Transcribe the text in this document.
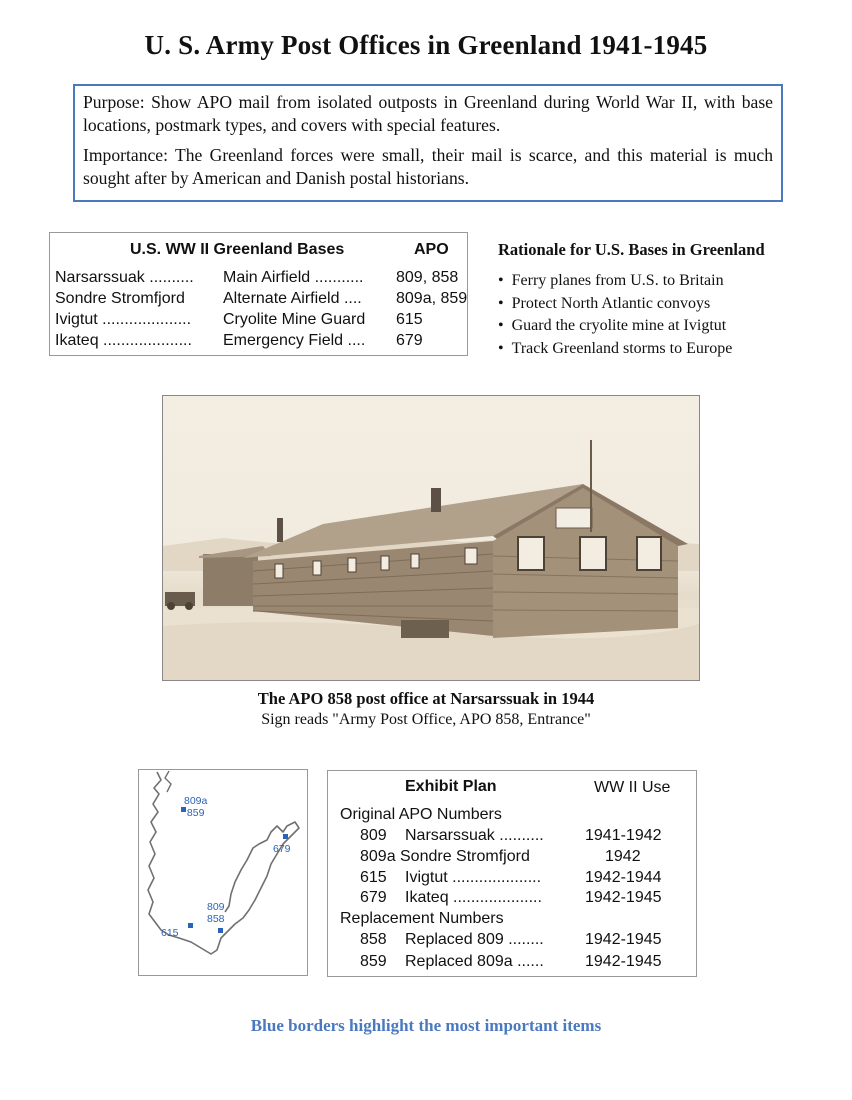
U. S. Army Post Offices in Greenland 1941-1945

Purpose: Show APO mail from isolated outposts in Greenland during World War II, with base locations, postmark types, and covers with special features.

Importance: The Greenland forces were small, their mail is scarce, and this material is much sought after by American and Danish postal historians.

U.S. WW II Greenland Bases	APO
Narsarssuak .......... Main Airfield ........... 809, 858
Sondre Stromfjord Alternate Airfield .... 809a, 859
Ivigtut .................... Cryolite Mine Guard 615
Ikateq .................... Emergency Field .... 679
Rationale for U.S. Bases in Greenland
• Ferry planes from U.S. to Britain
• Protect North Atlantic convoys
• Guard the cryolite mine at Ivigtut
• Track Greenland storms to Europe
The APO 858 post office at Narsarssuak in 1944
Sign reads "Army Post Office, APO 858, Entrance"
809a
859
679
809
858
615
Exhibit Plan	WW II Use
Original APO Numbers
809 Narsarssuak ..........	1941-1942
809a Sondre Stromfjord	1942
615 Ivigtut ....................	1942-1944
679 Ikateq ....................	1942-1945
Replacement Numbers
858 Replaced 809 ........	1942-1945
859 Replaced 809a ......	1942-1945
Blue borders highlight the most important items
